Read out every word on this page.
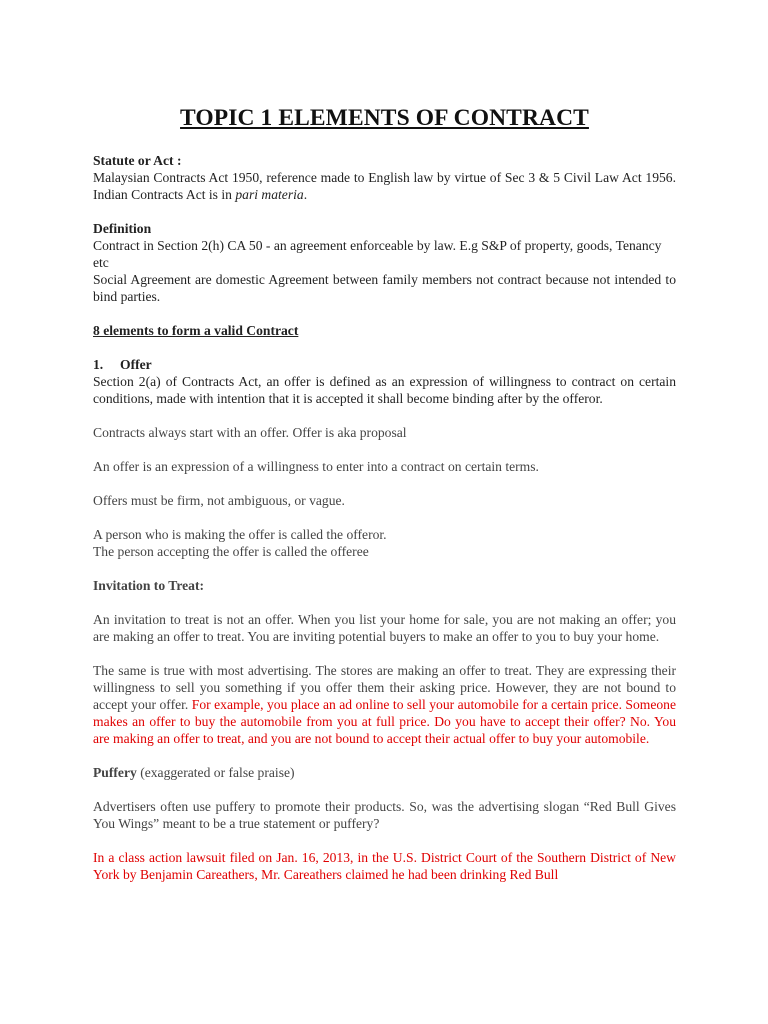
TOPIC 1 ELEMENTS OF CONTRACT

Statute or Act :

Malaysian Contracts Act 1950, reference made to English law by virtue of Sec 3 & 5 Civil Law Act 1956. Indian Contracts Act is in pari materia.

Definition

Contract in Section 2(h) CA 50 - an agreement enforceable by law. E.g S&P of property, goods, Tenancy etc

Social Agreement are domestic Agreement between family members not contract because not intended to bind parties.

8 elements to form a valid Contract

1. Offer

Section 2(a) of Contracts Act, an offer is defined as an expression of willingness to contract on certain conditions, made with intention that it is accepted it shall become binding after by the offeror.

Contracts always start with an offer. Offer is aka proposal

An offer is an expression of a willingness to enter into a contract on certain terms.

Offers must be firm, not ambiguous, or vague.

A person who is making the offer is called the offeror.

The person accepting the offer is called the offeree

Invitation to Treat:

An invitation to treat is not an offer. When you list your home for sale, you are not making an offer; you are making an offer to treat. You are inviting potential buyers to make an offer to you to buy your home.

The same is true with most advertising. The stores are making an offer to treat. They are expressing their willingness to sell you something if you offer them their asking price. However, they are not bound to accept your offer. For example, you place an ad online to sell your automobile for a certain price. Someone makes an offer to buy the automobile from you at full price. Do you have to accept their offer? No. You are making an offer to treat, and you are not bound to accept their actual offer to buy your automobile.

Puffery (exaggerated or false praise)

Advertisers often use puffery to promote their products. So, was the advertising slogan “Red Bull Gives You Wings” meant to be a true statement or puffery?

In a class action lawsuit filed on Jan. 16, 2013, in the U.S. District Court of the Southern District of New York by Benjamin Careathers, Mr. Careathers claimed he had been drinking Red Bull
